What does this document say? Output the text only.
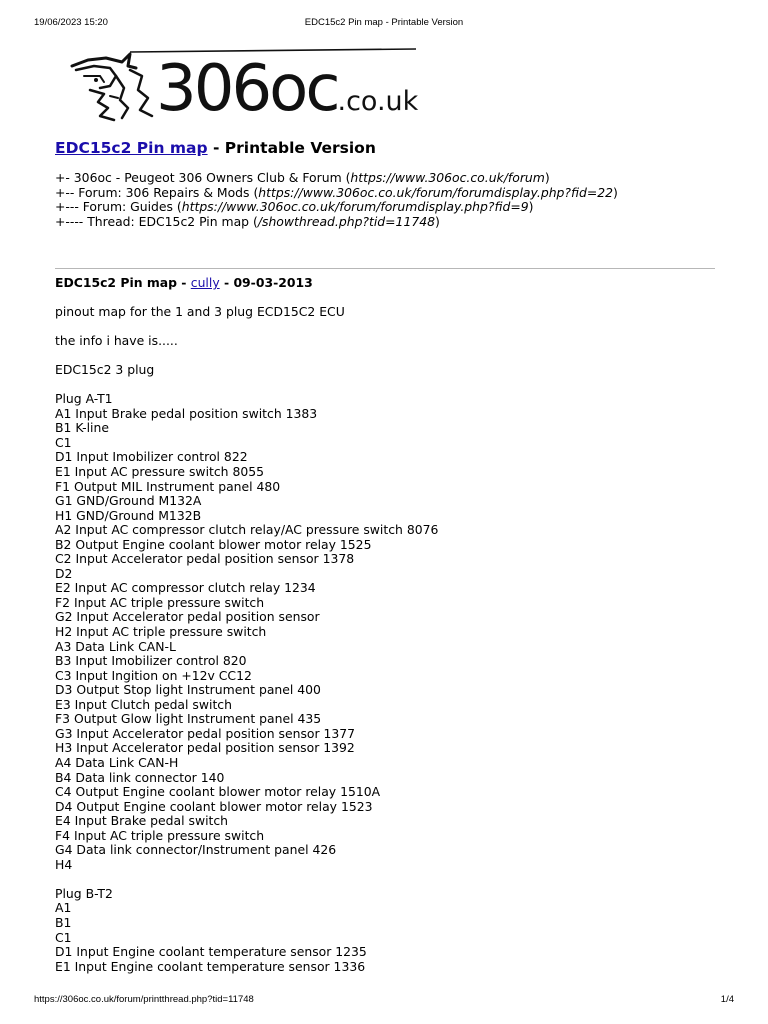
19/06/2023 15:20	EDC15c2 Pin map - Printable Version
306oc.co.uk
EDC15c2 Pin map - Printable Version
+- 306oc - Peugeot 306 Owners Club & Forum (https://www.306oc.co.uk/forum)
+-- Forum: 306 Repairs & Mods (https://www.306oc.co.uk/forum/forumdisplay.php?fid=22)
+--- Forum: Guides (https://www.306oc.co.uk/forum/forumdisplay.php?fid=9)
+---- Thread: EDC15c2 Pin map (/showthread.php?tid=11748)
EDC15c2 Pin map - cully - 09-03-2013
pinout map for the 1 and 3 plug ECD15C2 ECU
the info i have is.....
EDC15c2 3 plug
Plug A-T1
A1 Input Brake pedal position switch 1383
B1 K-line
C1
D1 Input Imobilizer control 822
E1 Input AC pressure switch 8055
F1 Output MIL Instrument panel 480
G1 GND/Ground M132A
H1 GND/Ground M132B
A2 Input AC compressor clutch relay/AC pressure switch 8076
B2 Output Engine coolant blower motor relay 1525
C2 Input Accelerator pedal position sensor 1378
D2
E2 Input AC compressor clutch relay 1234
F2 Input AC triple pressure switch
G2 Input Accelerator pedal position sensor
H2 Input AC triple pressure switch
A3 Data Link CAN-L
B3 Input Imobilizer control 820
C3 Input Ingition on +12v CC12
D3 Output Stop light Instrument panel 400
E3 Input Clutch pedal switch
F3 Output Glow light Instrument panel 435
G3 Input Accelerator pedal position sensor 1377
H3 Input Accelerator pedal position sensor 1392
A4 Data Link CAN-H
B4 Data link connector 140
C4 Output Engine coolant blower motor relay 1510A
D4 Output Engine coolant blower motor relay 1523
E4 Input Brake pedal switch
F4 Input AC triple pressure switch
G4 Data link connector/Instrument panel 426
H4
Plug B-T2
A1
B1
C1
D1 Input Engine coolant temperature sensor 1235
E1 Input Engine coolant temperature sensor 1336
https://306oc.co.uk/forum/printthread.php?tid=11748	1/4
